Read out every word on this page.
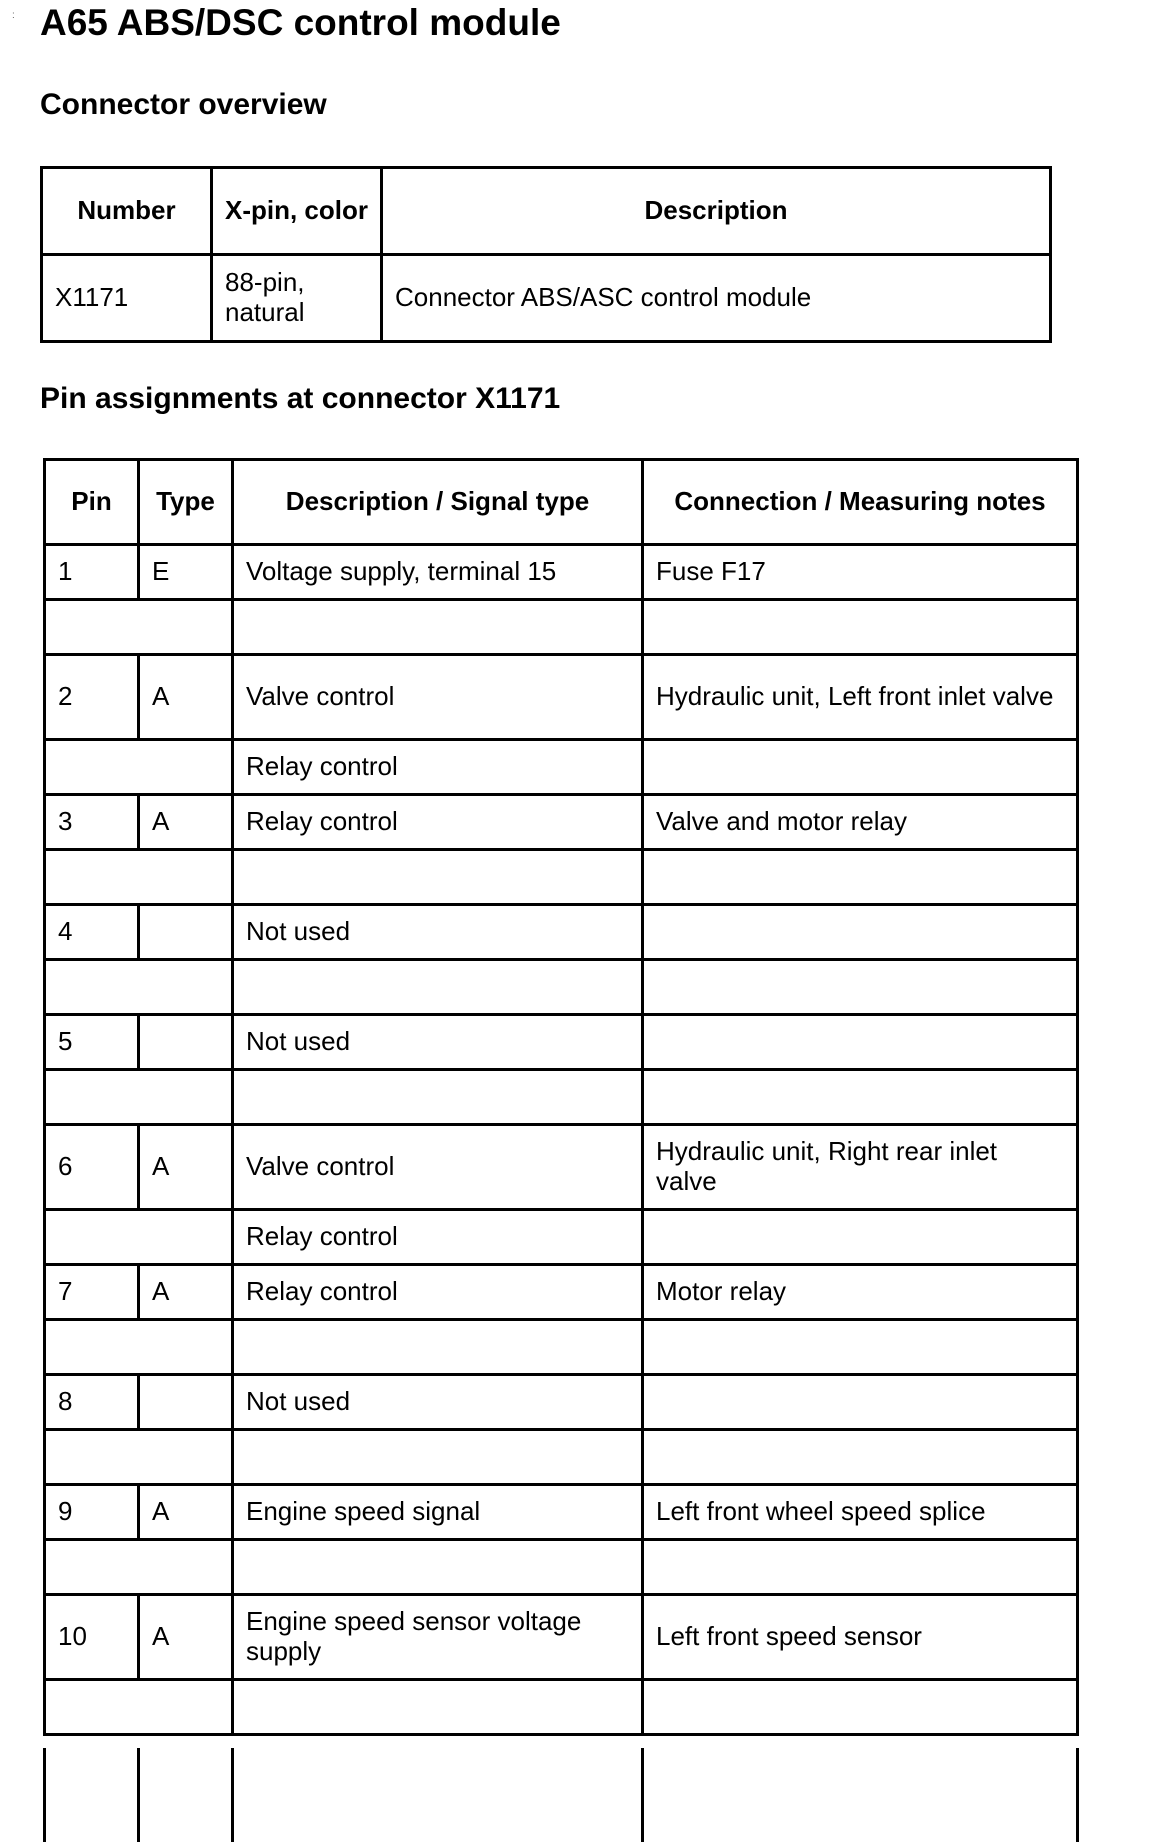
: A65 ABS/DSC control module
Connector overview
Number	X-pin, color	Description
X1171	88-pin, natural	Connector ABS/ASC control module
Pin assignments at connector X1171
Pin	Type	Description / Signal type	Connection / Measuring notes
1	E	Voltage supply, terminal 15	Fuse F17

2	A	Valve control	Hydraulic unit, Left front inlet valve
		Relay control	
3	A	Relay control	Valve and motor relay

4		Not used	

5		Not used	

6	A	Valve control	Hydraulic unit, Right rear inlet valve
		Relay control	
7	A	Relay control	Motor relay

8		Not used	

9	A	Engine speed signal	Left front wheel speed splice

10	A	Engine speed sensor voltage supply	Left front speed sensor
